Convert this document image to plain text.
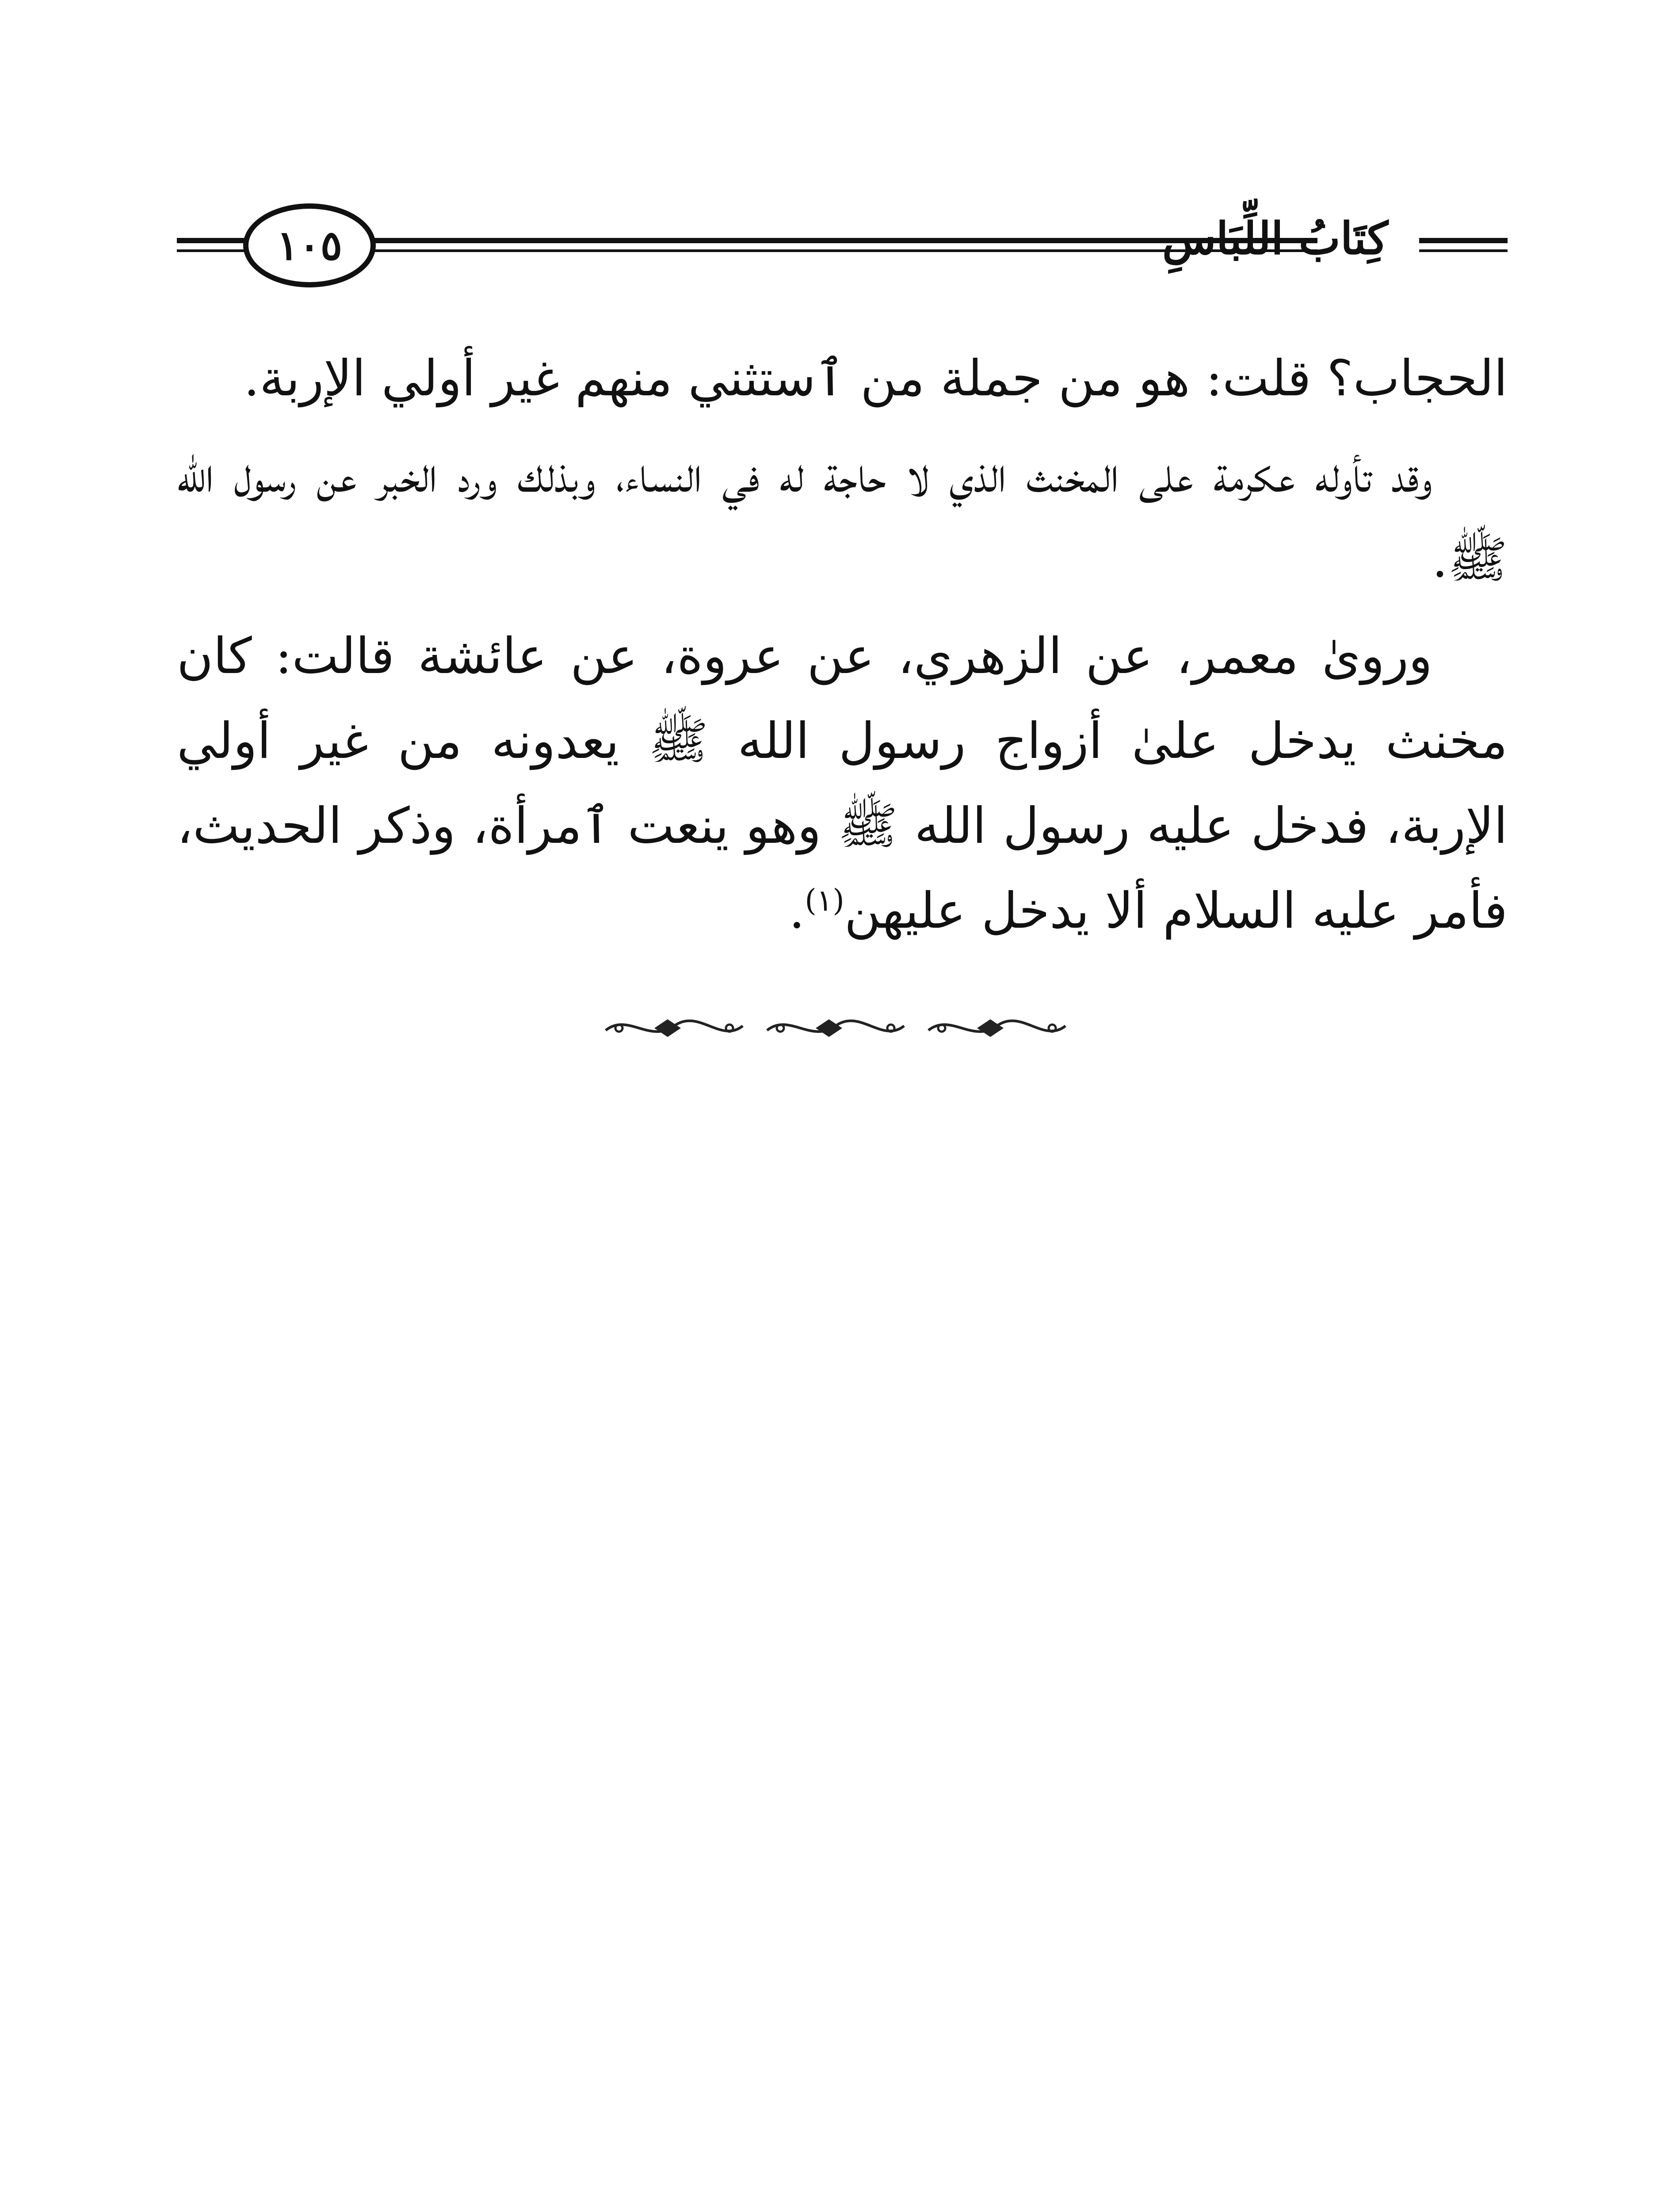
كِتَابُ اللِّبَاسِ
١٠٥

الحجاب؟ قلت: هو من جملة من ٱستثني منهم غير أولي الإربة.

وقد تأوله عكرمة على المخنث الذي لا حاجة له في النساء، وبذلك ورد الخبر عن رسول الله ﷺ.

وروىٰ معمر، عن الزهري، عن عروة، عن عائشة قالت: كان مخنث يدخل علىٰ أزواج رسول الله ﷺ يعدونه من غير أولي الإربة، فدخل عليه رسول الله ﷺ وهو ينعت ٱمرأة، وذكر الحديث، فأمر عليه السلام ألا يدخل عليهن$^{(١)}$.
